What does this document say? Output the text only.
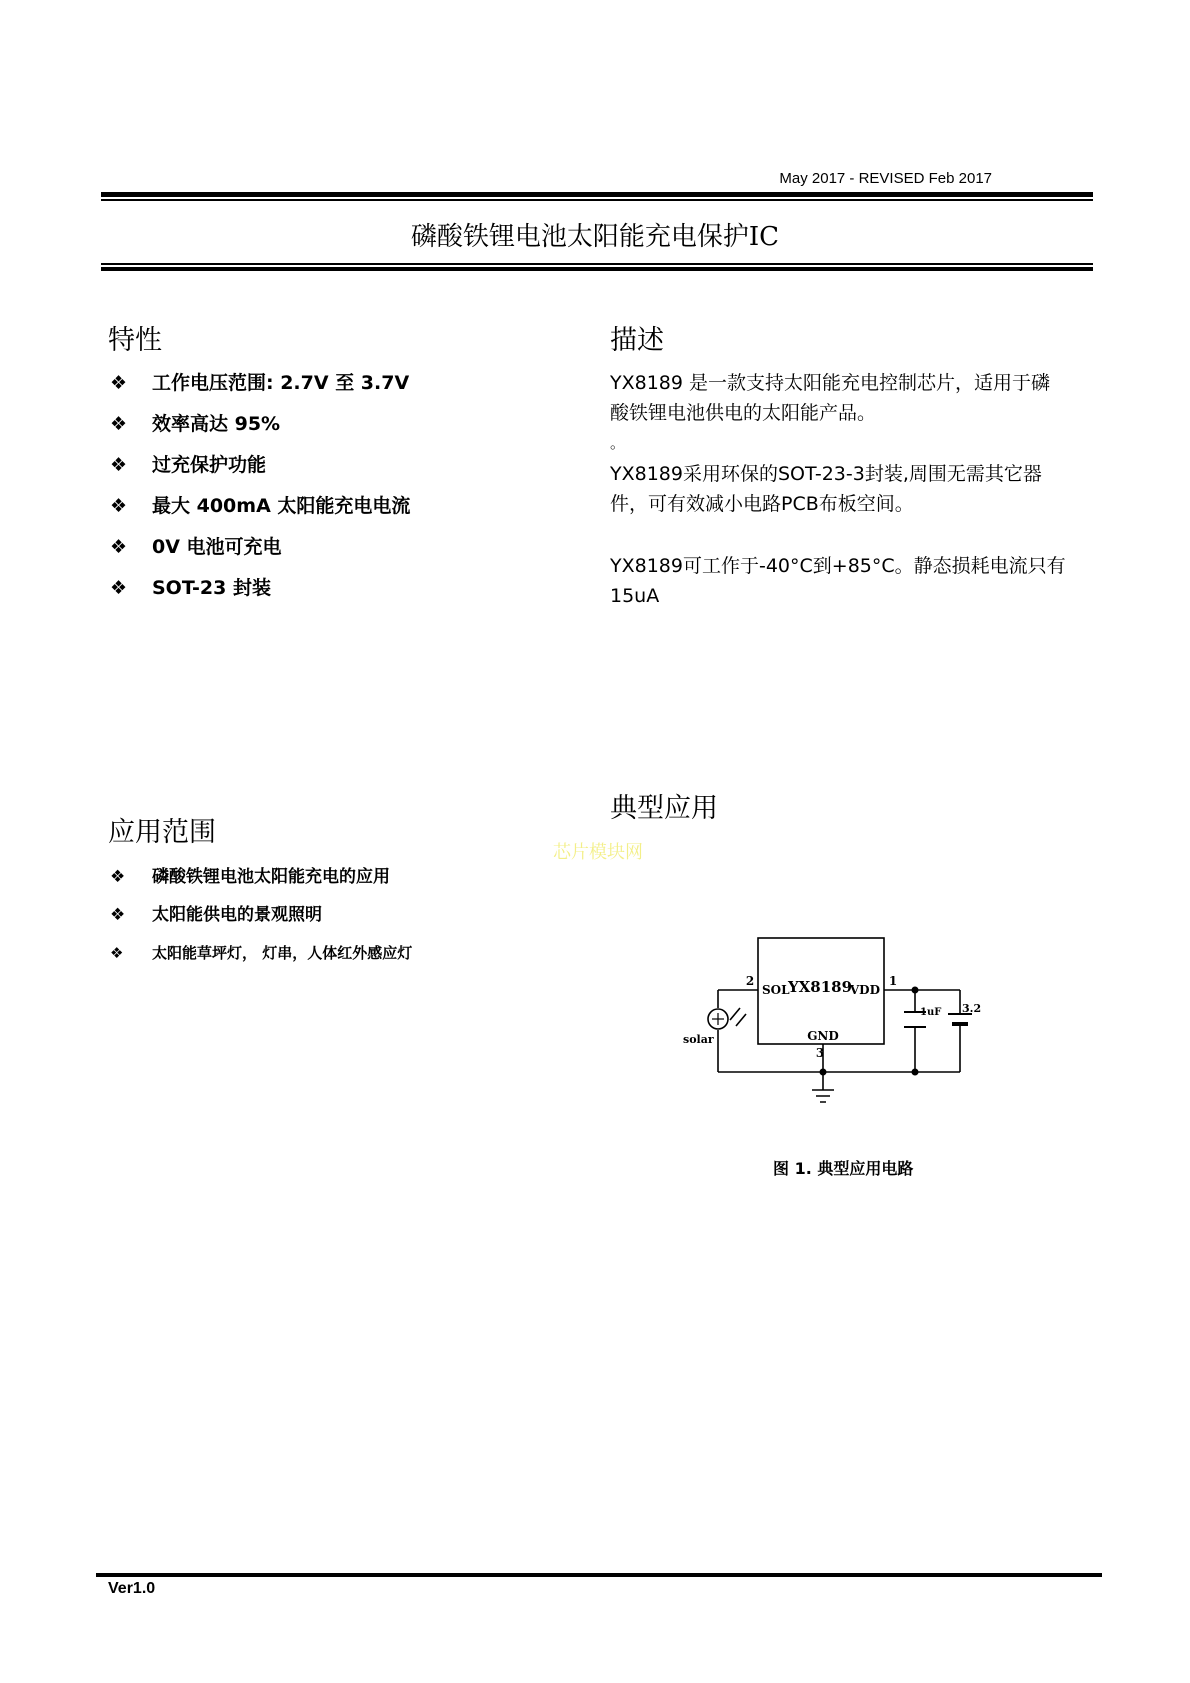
May 2017 - REVISED Feb 2017
磷酸铁锂电池太阳能充电保护IC
特性
❖ 工作电压范围: 2.7V 至 3.7V
❖ 效率高达 95%
❖ 过充保护功能
❖ 最大 400mA 太阳能充电电流
❖ 0V 电池可充电
❖ SOT-23 封装
描述

YX8189 是一款支持太阳能充电控制芯片，适用于磷

酸铁锂电池供电的太阳能产品。

。

YX8189采用环保的SOT-23-3封装,周围无需其它器

件，可有效减小电路PCB布板空间。

YX8189可工作于-40°C到+85°C。静态损耗电流只有

15uA

典型应用
应用范围
❖ 磷酸铁锂电池太阳能充电的应用
❖ 太阳能供电的景观照明
❖ 太阳能草坪灯， 灯串，人体红外感应灯
芯片模块网
YX8189
SOL	VDD
GND
2	1
3
solar
1uF 3.2
图 1. 典型应用电路
Ver1.0
